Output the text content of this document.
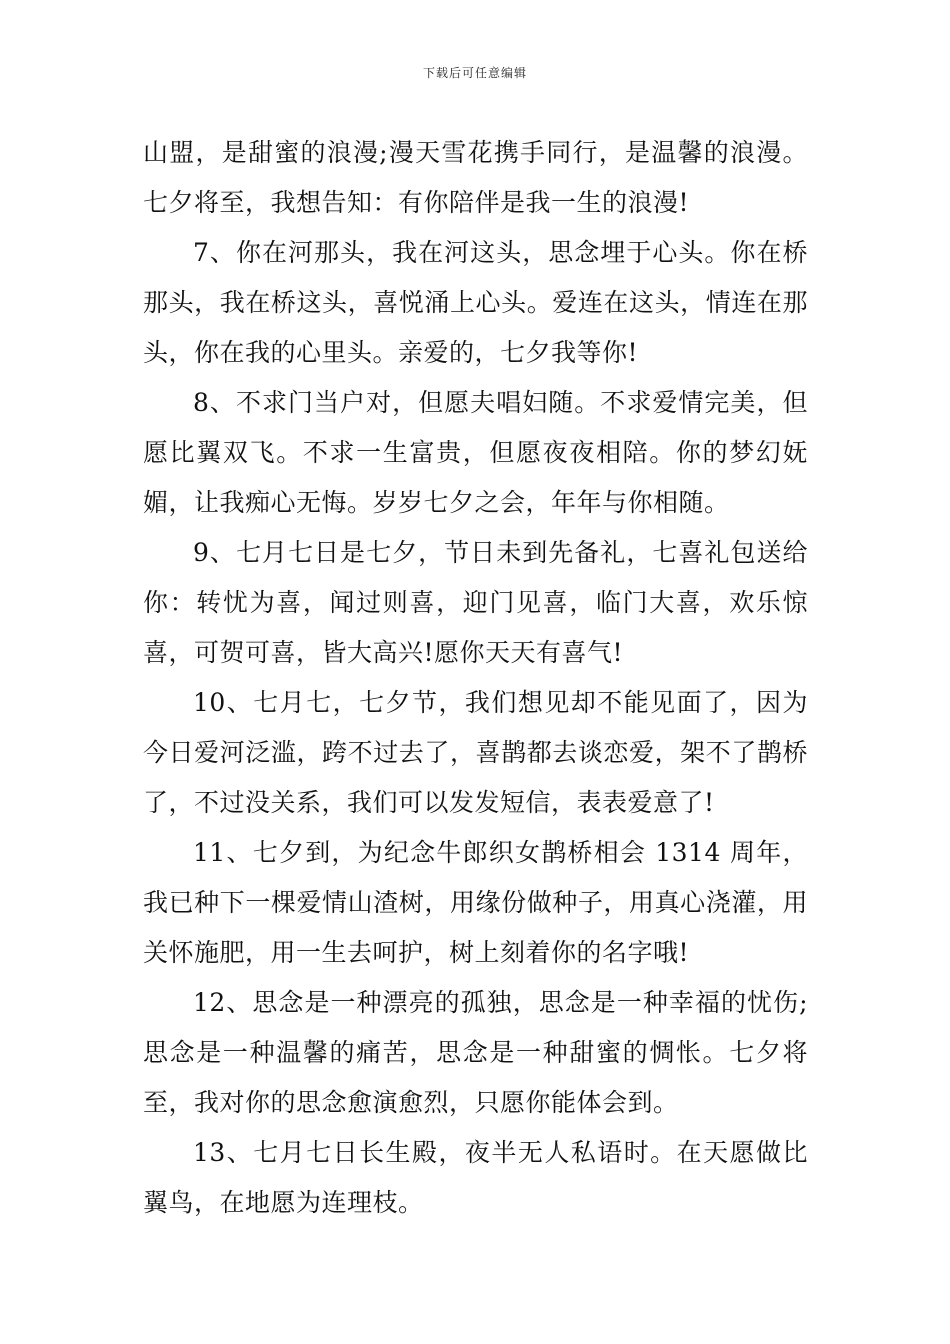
下载后可任意编辑

山盟，是甜蜜的浪漫;漫天雪花携手同行，是温馨的浪漫。七夕将至，我想告知：有你陪伴是我一生的浪漫!

7、你在河那头，我在河这头，思念埋于心头。你在桥那头，我在桥这头，喜悦涌上心头。爱连在这头，情连在那头，你在我的心里头。亲爱的，七夕我等你!

8、不求门当户对，但愿夫唱妇随。不求爱情完美，但愿比翼双飞。不求一生富贵，但愿夜夜相陪。你的梦幻妩媚，让我痴心无悔。岁岁七夕之会，年年与你相随。

9、七月七日是七夕，节日未到先备礼，七喜礼包送给你：转忧为喜，闻过则喜，迎门见喜，临门大喜，欢乐惊喜，可贺可喜，皆大高兴!愿你天天有喜气!

10、七月七，七夕节，我们想见却不能见面了，因为今日爱河泛滥，跨不过去了，喜鹊都去谈恋爱，架不了鹊桥了，不过没关系，我们可以发发短信，表表爱意了!

11、七夕到，为纪念牛郎织女鹊桥相会 1314 周年，我已种下一棵爱情山渣树，用缘份做种子，用真心浇灌，用关怀施肥，用一生去呵护，树上刻着你的名字哦!

12、思念是一种漂亮的孤独，思念是一种幸福的忧伤;思念是一种温馨的痛苦，思念是一种甜蜜的惆怅。七夕将至，我对你的思念愈演愈烈，只愿你能体会到。

13、七月七日长生殿，夜半无人私语时。在天愿做比翼鸟，在地愿为连理枝。
